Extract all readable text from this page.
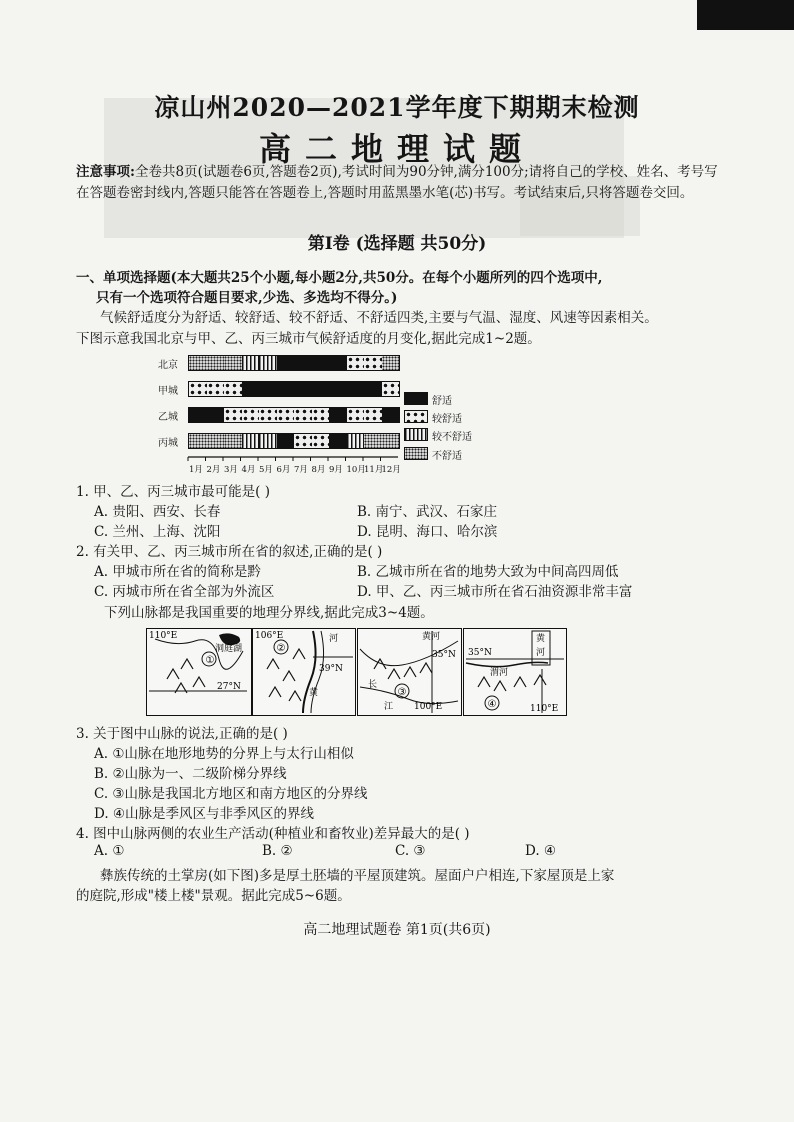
凉山州2020—2021学年度下期期末检测
高二地理试题
注意事项:全卷共8页(试题卷6页,答题卷2页),考试时间为90分钟,满分100分;请将自己的学校、姓名、考号写在答题卷密封线内,答题只能答在答题卷上,答题时用蓝黑墨水笔(芯)书写。考试结束后,只将答题卷交回。
第Ⅰ卷 (选择题 共50分)
一、单项选择题(本大题共25个小题,每小题2分,共50分。在每个小题所列的四个选项中,
只有一个选项符合题目要求,少选、多选均不得分。)
气候舒适度分为舒适、较舒适、较不舒适、不舒适四类,主要与气温、湿度、风速等因素相关。
下图示意我国北京与甲、乙、丙三城市气候舒适度的月变化,据此完成1~2题。
北京
甲城
乙城
丙城
1月 2月 3月 4月 5月 6月 7月 8月 9月 10月
11月
12月
舒适
较舒适
较不舒适
不舒适
1. 甲、乙、丙三城市最可能是( )
A. 贵阳、西安、长春	B. 南宁、武汉、石家庄
C. 兰州、上海、沈阳	D. 昆明、海口、哈尔滨
2. 有关甲、乙、丙三城市所在省的叙述,正确的是( )
A. 甲城市所在省的简称是黔	B. 乙城市所在省的地势大致为中间高四周低
C. 丙城市所在省全部为外流区	D. 甲、乙、丙三城市所在省石油资源非常丰富
下列山脉都是我国重要的地理分界线,据此完成3~4题。
①
110°E
洞庭湖
27°N
②
106°E	河
39°N
黄	③
黄河
35°N
长
江 100°E	④
黄
河
35°N
渭河
110°E
3. 关于图中山脉的说法,正确的是( )
A. ①山脉在地形地势的分界上与太行山相似
B. ②山脉为一、二级阶梯分界线
C. ③山脉是我国北方地区和南方地区的分界线
D. ④山脉是季风区与非季风区的界线
4. 图中山脉两侧的农业生产活动(种植业和畜牧业)差异最大的是( )
A. ①	B. ②	C. ③	D. ④
彝族传统的土掌房(如下图)多是厚土胚墙的平屋顶建筑。屋面户户相连,下家屋顶是上家
的庭院,形成"楼上楼"景观。据此完成5~6题。
高二地理试题卷 第1页(共6页)
